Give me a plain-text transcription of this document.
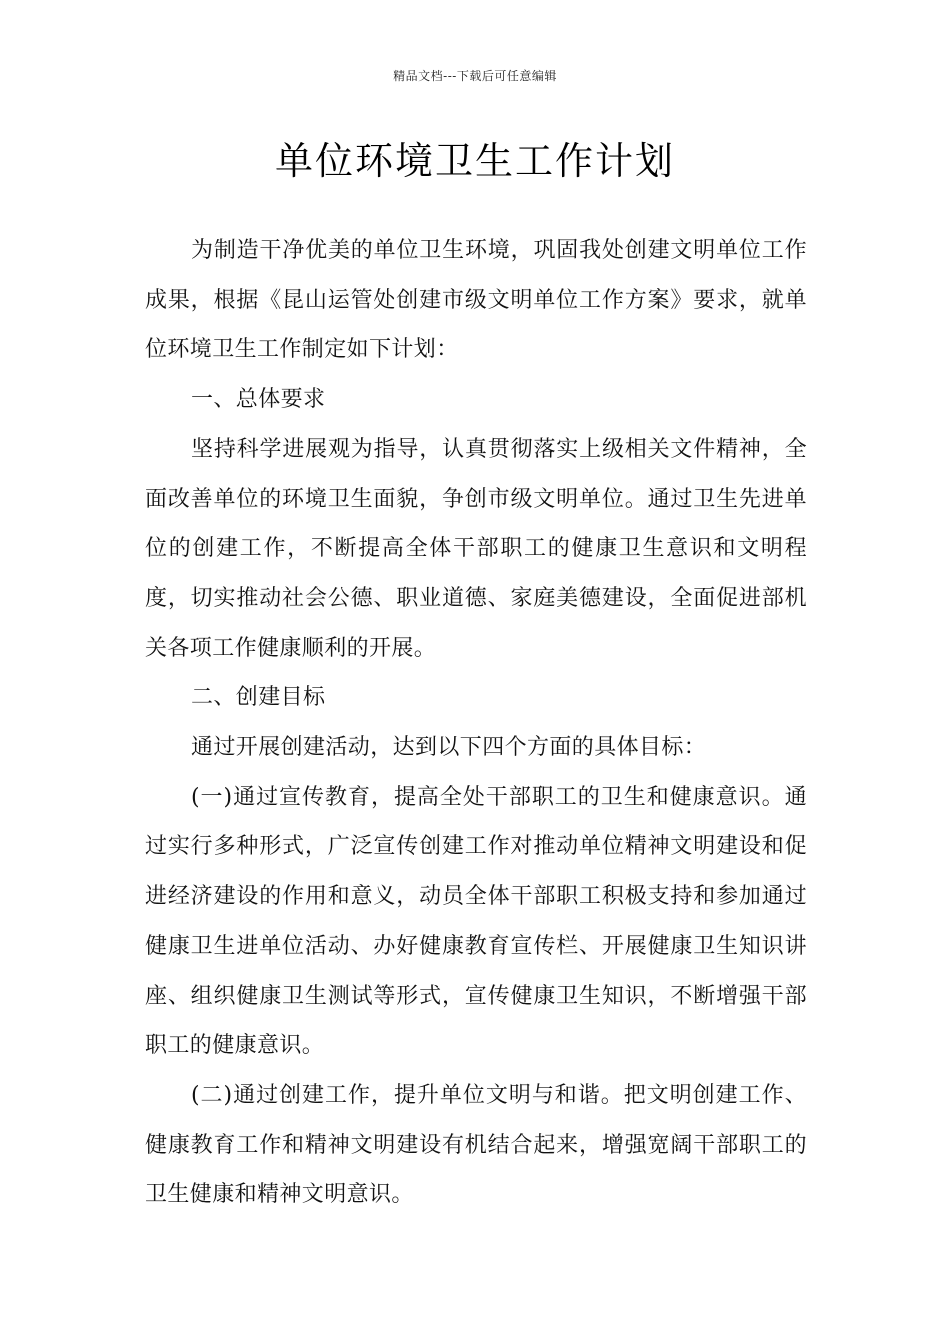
精品文档---下载后可任意编辑
单位环境卫生工作计划

为制造干净优美的单位卫生环境，巩固我处创建文明单位工作成果，根据《昆山运管处创建市级文明单位工作方案》要求，就单位环境卫生工作制定如下计划：

一、总体要求

坚持科学进展观为指导，认真贯彻落实上级相关文件精神，全面改善单位的环境卫生面貌，争创市级文明单位。通过卫生先进单位的创建工作，不断提高全体干部职工的健康卫生意识和文明程度，切实推动社会公德、职业道德、家庭美德建设，全面促进部机关各项工作健康顺利的开展。

二、创建目标

通过开展创建活动，达到以下四个方面的具体目标：

(一)通过宣传教育，提高全处干部职工的卫生和健康意识。通过实行多种形式，广泛宣传创建工作对推动单位精神文明建设和促进经济建设的作用和意义，动员全体干部职工积极支持和参加通过健康卫生进单位活动、办好健康教育宣传栏、开展健康卫生知识讲座、组织健康卫生测试等形式，宣传健康卫生知识，不断增强干部职工的健康意识。

(二)通过创建工作，提升单位文明与和谐。把文明创建工作、健康教育工作和精神文明建设有机结合起来，增强宽阔干部职工的卫生健康和精神文明意识。
